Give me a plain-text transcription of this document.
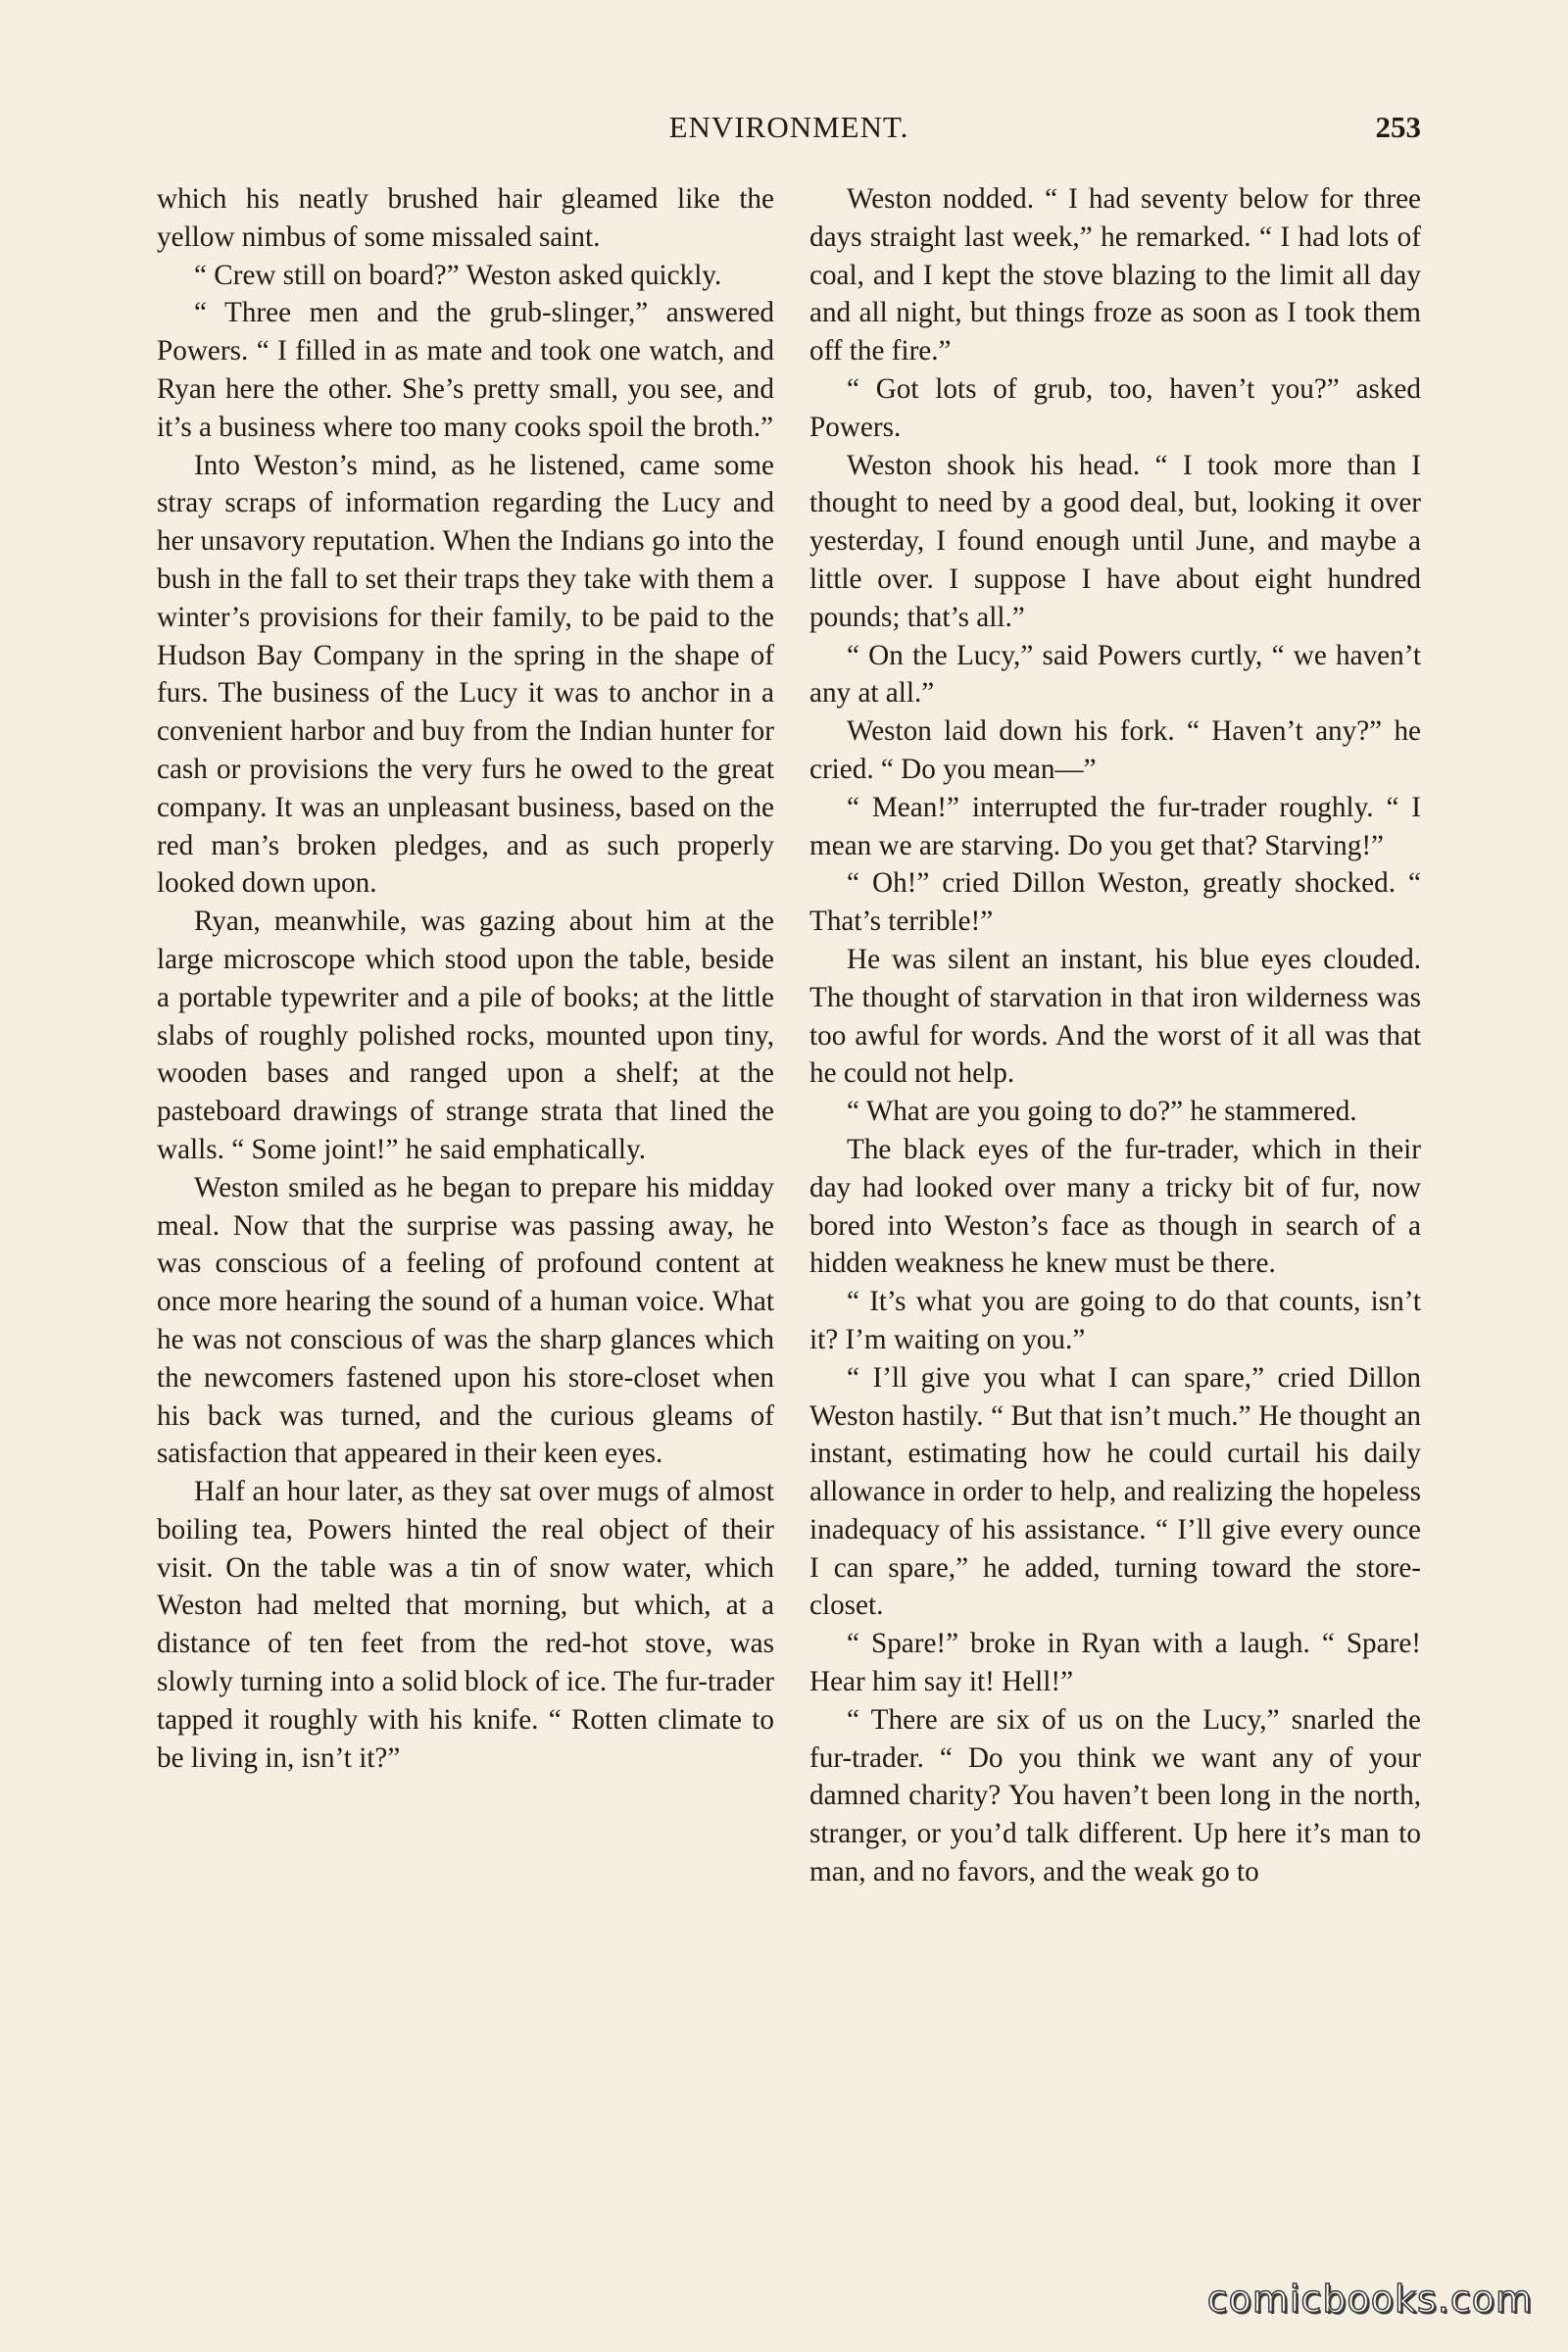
ENVIRONMENT.	253

which his neatly brushed hair gleamed like the yellow nimbus of some missaled saint.

“ Crew still on board?” Weston asked quickly.

“ Three men and the grub-slinger,” answered Powers. “ I filled in as mate and took one watch, and Ryan here the other. She’s pretty small, you see, and it’s a business where too many cooks spoil the broth.”

Into Weston’s mind, as he listened, came some stray scraps of information regarding the Lucy and her unsavory reputation. When the Indians go into the bush in the fall to set their traps they take with them a winter’s provisions for their family, to be paid to the Hudson Bay Company in the spring in the shape of furs. The business of the Lucy it was to anchor in a convenient harbor and buy from the Indian hunter for cash or provisions the very furs he owed to the great company. It was an unpleasant business, based on the red man’s broken pledges, and as such properly looked down upon.

Ryan, meanwhile, was gazing about him at the large microscope which stood upon the table, beside a portable typewriter and a pile of books; at the little slabs of roughly polished rocks, mounted upon tiny, wooden bases and ranged upon a shelf; at the pasteboard drawings of strange strata that lined the walls. “ Some joint!” he said emphatically.

Weston smiled as he began to prepare his midday meal. Now that the surprise was passing away, he was conscious of a feeling of profound content at once more hearing the sound of a human voice. What he was not conscious of was the sharp glances which the newcomers fastened upon his store-closet when his back was turned, and the curious gleams of satisfaction that appeared in their keen eyes.

Half an hour later, as they sat over mugs of almost boiling tea, Powers hinted the real object of their visit. On the table was a tin of snow water, which Weston had melted that morning, but which, at a distance of ten feet from the red-hot stove, was slowly turning into a solid block of ice. The fur-trader tapped it roughly with his knife. “ Rotten climate to be living in, isn’t it?”

Weston nodded. “ I had seventy below for three days straight last week,” he remarked. “ I had lots of coal, and I kept the stove blazing to the limit all day and all night, but things froze as soon as I took them off the fire.”

“ Got lots of grub, too, haven’t you?” asked Powers.

Weston shook his head. “ I took more than I thought to need by a good deal, but, looking it over yesterday, I found enough until June, and maybe a little over. I suppose I have about eight hundred pounds; that’s all.”

“ On the Lucy,” said Powers curtly, “ we haven’t any at all.”

Weston laid down his fork. “ Haven’t any?” he cried. “ Do you mean—”

“ Mean!” interrupted the fur-trader roughly. “ I mean we are starving. Do you get that? Starving!”

“ Oh!” cried Dillon Weston, greatly shocked. “ That’s terrible!”

He was silent an instant, his blue eyes clouded. The thought of starvation in that iron wilderness was too awful for words. And the worst of it all was that he could not help.

“ What are you going to do?” he stammered.

The black eyes of the fur-trader, which in their day had looked over many a tricky bit of fur, now bored into Weston’s face as though in search of a hidden weakness he knew must be there.

“ It’s what you are going to do that counts, isn’t it? I’m waiting on you.”

“ I’ll give you what I can spare,” cried Dillon Weston hastily. “ But that isn’t much.” He thought an instant, estimating how he could curtail his daily allowance in order to help, and realizing the hopeless inadequacy of his assistance. “ I’ll give every ounce I can spare,” he added, turning toward the store-closet.

“ Spare!” broke in Ryan with a laugh. “ Spare! Hear him say it! Hell!”

“ There are six of us on the Lucy,” snarled the fur-trader. “ Do you think we want any of your damned charity? You haven’t been long in the north, stranger, or you’d talk different. Up here it’s man to man, and no favors, and the weak go to

comicbooks.com
